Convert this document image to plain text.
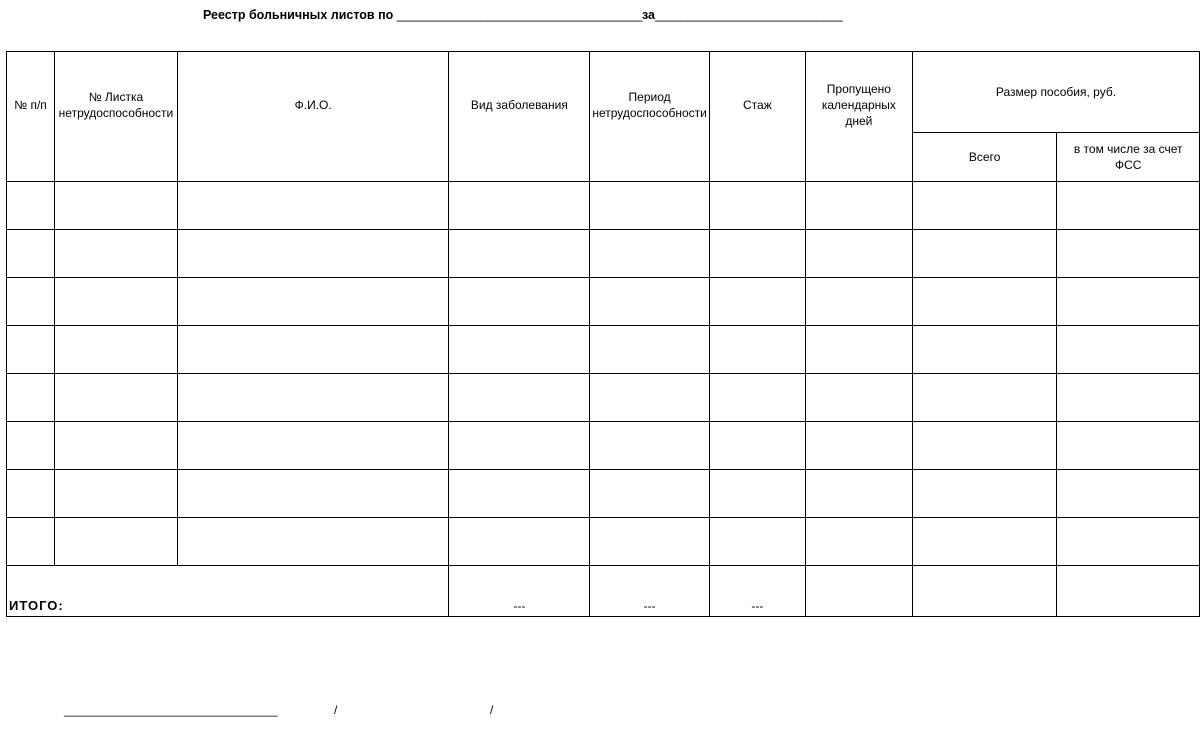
Реестр больничных листов по ______________________________________за_____________________________
№ п/п	№ Листка нетрудоспособности	Ф.И.О.	Вид заболевания	Период нетрудоспособности	Стаж	Пропущено календарных дней	Размер пособия, руб.	
							Всего	в том числе за счет ФСС

ИТОГО:			---	---	---			
________________________________	/	/
